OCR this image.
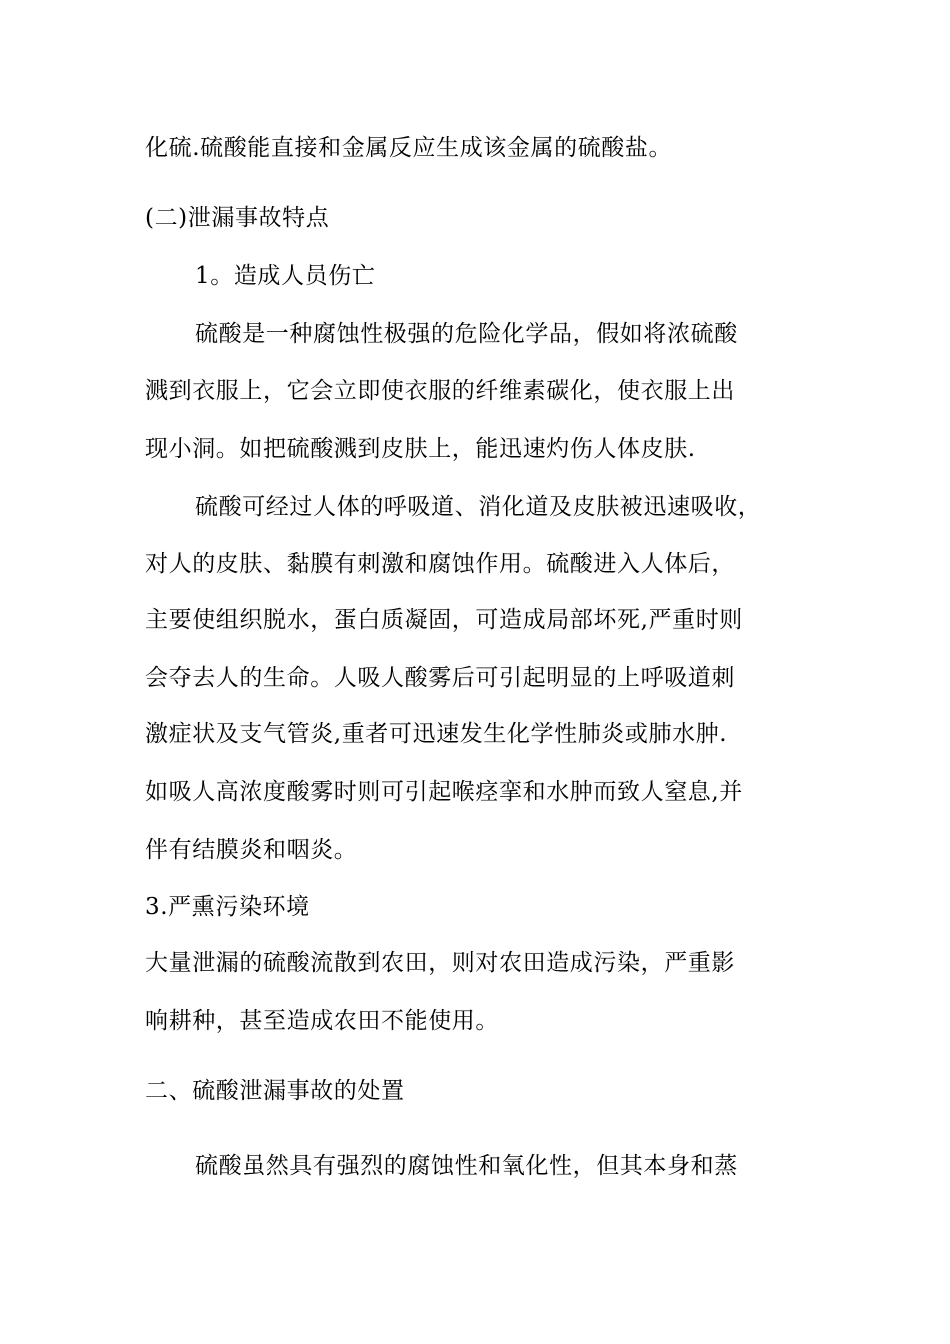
化硫.硫酸能直接和金属反应生成该金属的硫酸盐。
(二)泄漏事故特点
1。造成人员伤亡
硫酸是一种腐蚀性极强的危险化学品，假如将浓硫酸
溅到衣服上，它会立即使衣服的纤维素碳化，使衣服上出
现小洞。如把硫酸溅到皮肤上，能迅速灼伤人体皮肤.
硫酸可经过人体的呼吸道、消化道及皮肤被迅速吸收，
对人的皮肤、黏膜有刺激和腐蚀作用。硫酸进入人体后，
主要使组织脱水，蛋白质凝固，可造成局部坏死,严重时则
会夺去人的生命。人吸人酸雾后可引起明显的上呼吸道刺
激症状及支气管炎,重者可迅速发生化学性肺炎或肺水肿.
如吸人高浓度酸雾时则可引起喉痉挛和水肿而致人窒息,并
伴有结膜炎和咽炎。
3.严熏污染环境
大量泄漏的硫酸流散到农田，则对农田造成污染，严重影
响耕种，甚至造成农田不能使用。
二、硫酸泄漏事故的处置
硫酸虽然具有强烈的腐蚀性和氧化性，但其本身和蒸
